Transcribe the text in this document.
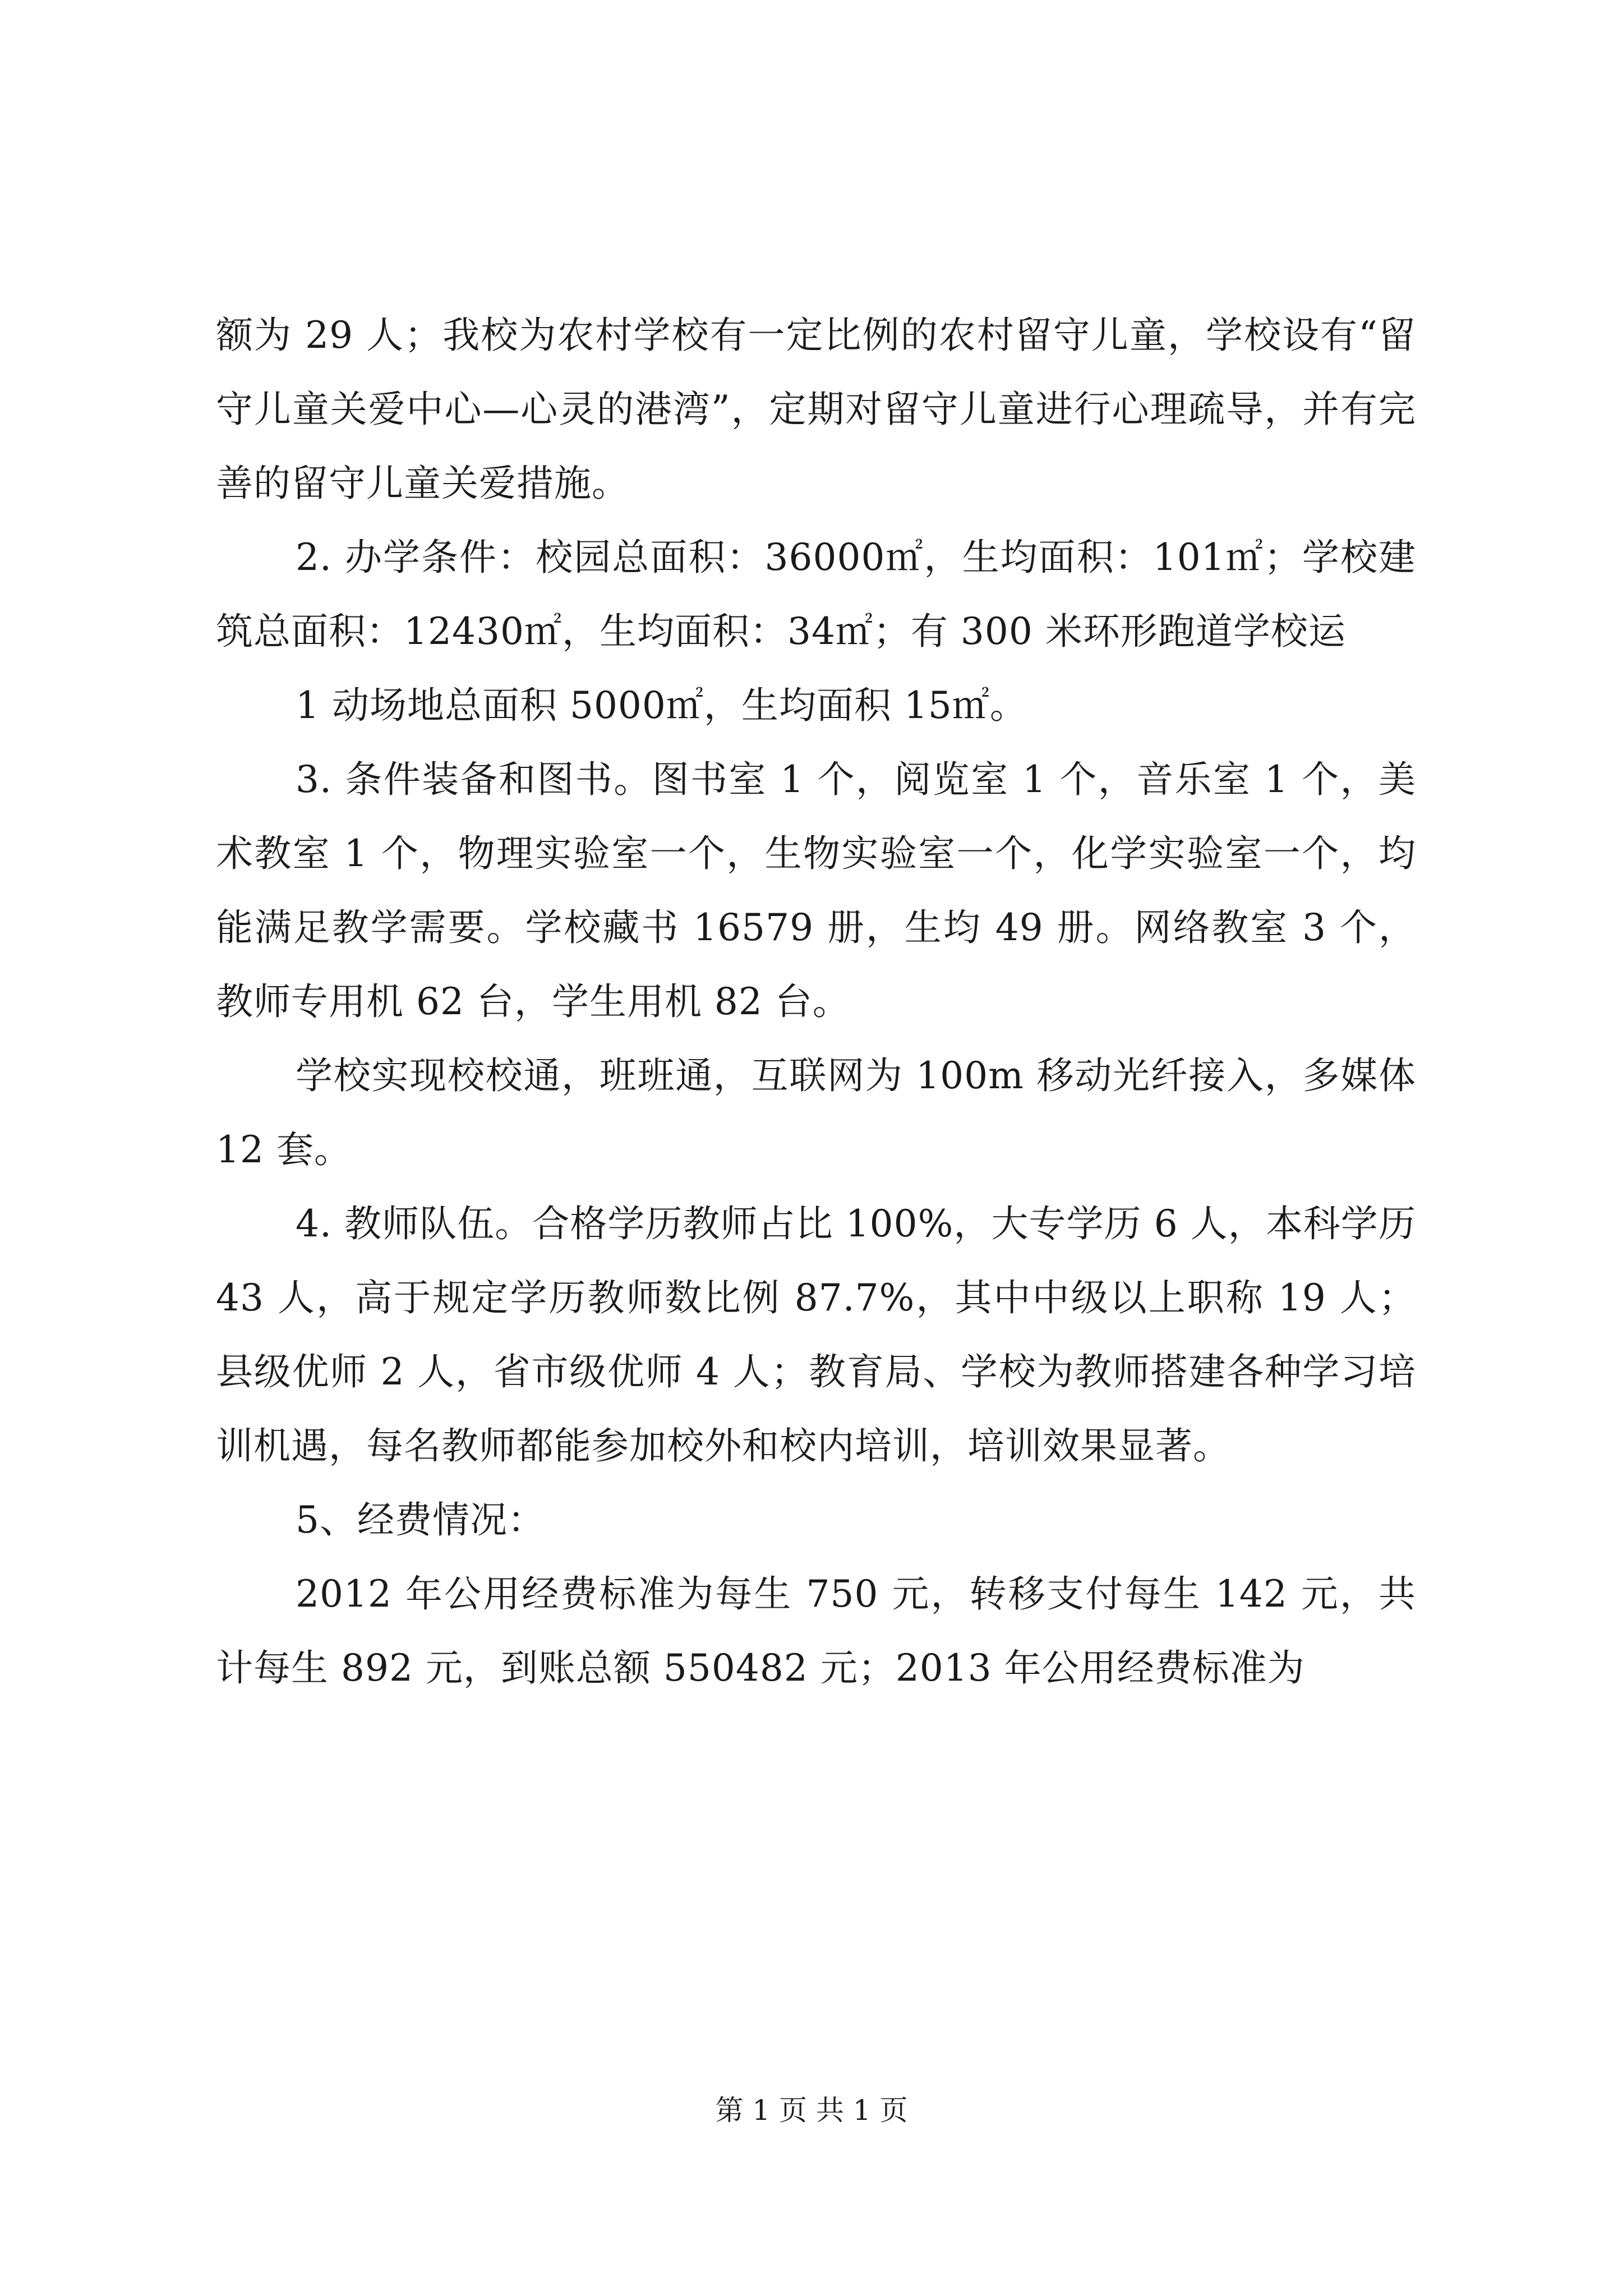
额为 29 人；我校为农村学校有一定比例的农村留守儿童，学校设有“留守儿童关爱中心—心灵的港湾”，定期对留守儿童进行心理疏导，并有完善的留守儿童关爱措施。

2. 办学条件：校园总面积：36000㎡，生均面积：101㎡；学校建筑总面积：12430㎡，生均面积：34㎡；有 300 米环形跑道学校运

1 动场地总面积 5000㎡，生均面积 15㎡。

3. 条件装备和图书。图书室 1 个，阅览室 1 个，音乐室 1 个，美术教室 1 个，物理实验室一个，生物实验室一个，化学实验室一个，均能满足教学需要。学校藏书 16579 册，生均 49 册。网络教室 3 个，教师专用机 62 台，学生用机 82 台。

学校实现校校通，班班通，互联网为 100m 移动光纤接入，多媒体 12 套。

4. 教师队伍。合格学历教师占比 100%，大专学历 6 人，本科学历 43 人，高于规定学历教师数比例 87.7%，其中中级以上职称 19 人；县级优师 2 人，省市级优师 4 人；教育局、学校为教师搭建各种学习培训机遇，每名教师都能参加校外和校内培训，培训效果显著。

5、经费情况：

2012 年公用经费标准为每生 750 元，转移支付每生 142 元，共计每生 892 元，到账总额 550482 元；2013 年公用经费标准为

第 1 页 共 1 页
